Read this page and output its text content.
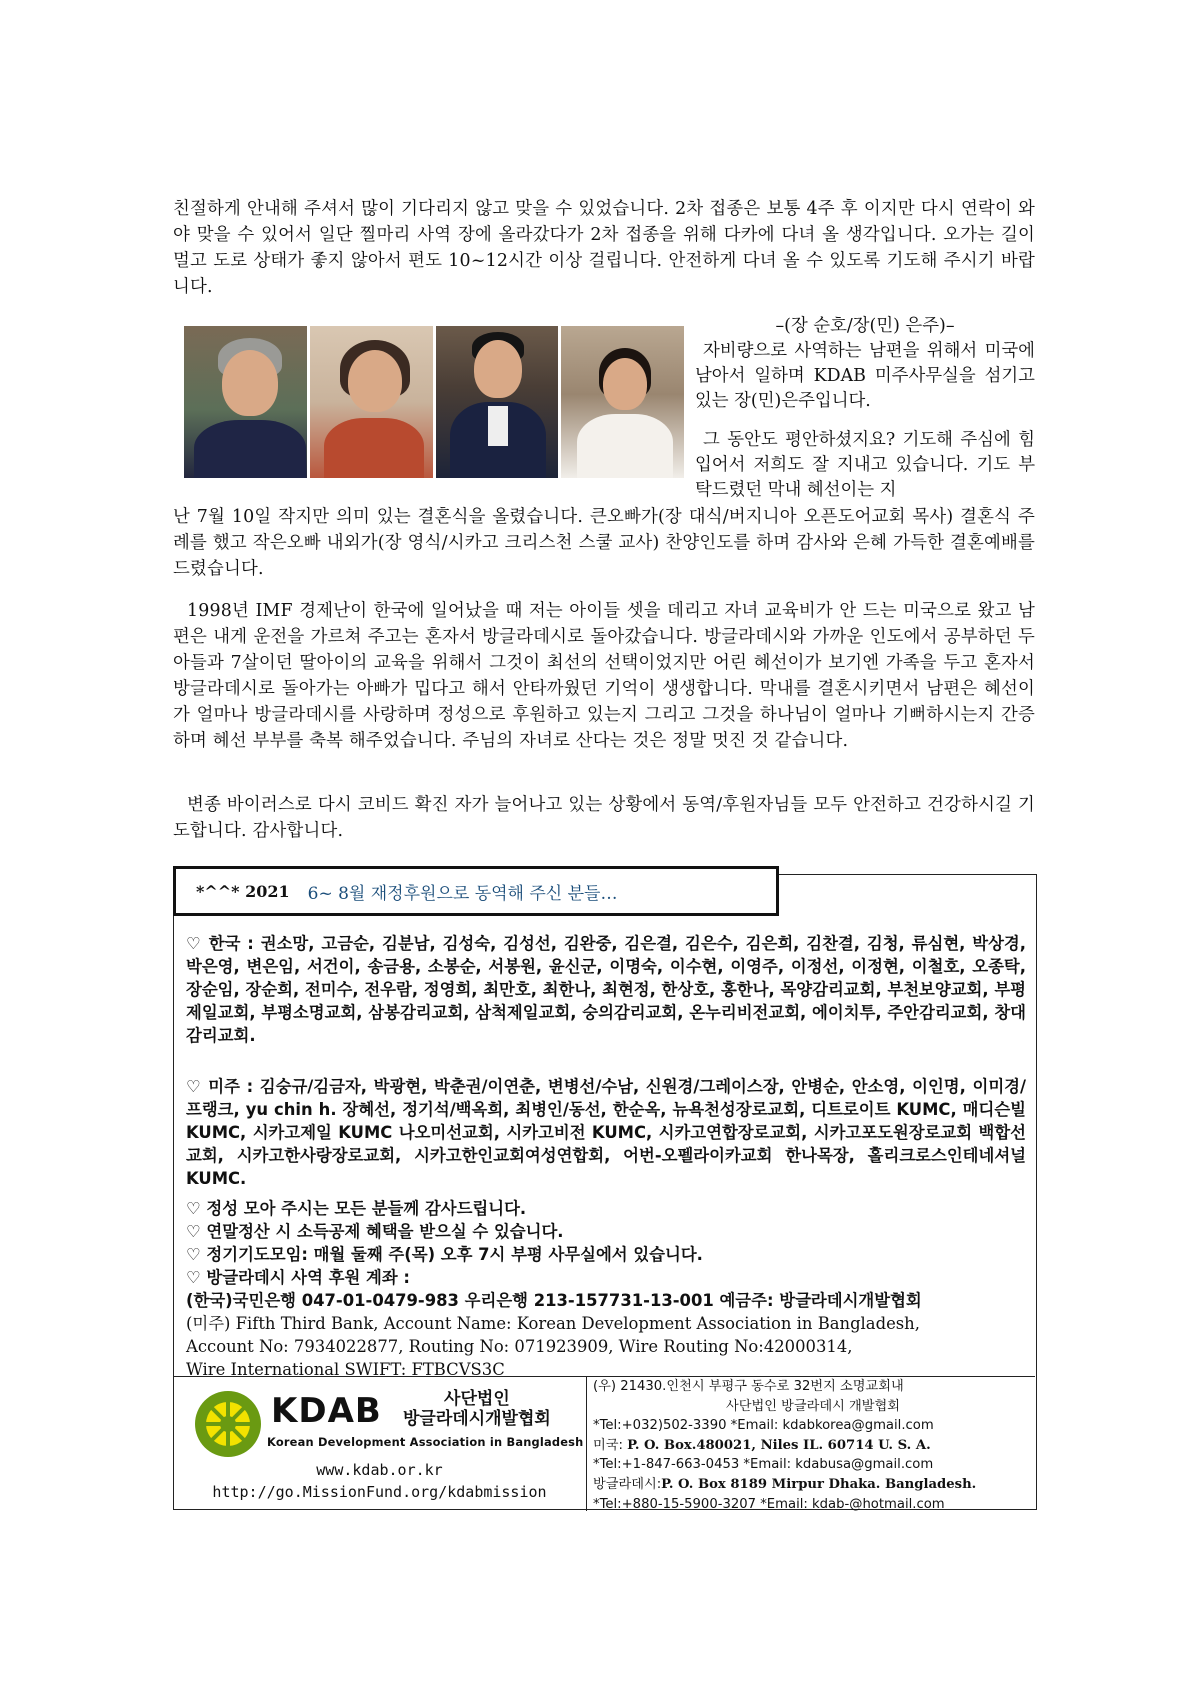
친절하게 안내해 주셔서 많이 기다리지 않고 맞을 수 있었습니다. 2차 접종은 보통 4주 후 이지만 다시 연락이 와야 맞을 수 있어서 일단 찔마리 사역 장에 올라갔다가 2차 접종을 위해 다카에 다녀 올 생각입니다. 오가는 길이 멀고 도로 상태가 좋지 않아서 편도 10~12시간 이상 걸립니다. 안전하게 다녀 올 수 있도록 기도해 주시기 바랍니다.

–(장 순호/장(민) 은주)–

자비량으로 사역하는 남편을 위해서 미국에 남아서 일하며 KDAB 미주사무실을 섬기고 있는 장(민)은주입니다.

그 동안도 평안하셨지요? 기도해 주심에 힘입어서 저희도 잘 지내고 있습니다. 기도 부탁드렸던 막내 혜선이는 지

난 7월 10일 작지만 의미 있는 결혼식을 올렸습니다. 큰오빠가(장 대식/버지니아 오픈도어교회 목사) 결혼식 주례를 했고 작은오빠 내외가(장 영식/시카고 크리스천 스쿨 교사) 찬양인도를 하며 감사와 은혜 가득한 결혼예배를 드렸습니다.

1998년 IMF 경제난이 한국에 일어났을 때 저는 아이들 셋을 데리고 자녀 교육비가 안 드는 미국으로 왔고 남편은 내게 운전을 가르쳐 주고는 혼자서 방글라데시로 돌아갔습니다. 방글라데시와 가까운 인도에서 공부하던 두 아들과 7살이던 딸아이의 교육을 위해서 그것이 최선의 선택이었지만 어린 혜선이가 보기엔 가족을 두고 혼자서 방글라데시로 돌아가는 아빠가 밉다고 해서 안타까웠던 기억이 생생합니다. 막내를 결혼시키면서 남편은 혜선이가 얼마나 방글라데시를 사랑하며 정성으로 후원하고 있는지 그리고 그것을 하나님이 얼마나 기뻐하시는지 간증하며 혜선 부부를 축복 해주었습니다. 주님의 자녀로 산다는 것은 정말 멋진 것 같습니다.

변종 바이러스로 다시 코비드 확진 자가 늘어나고 있는 상황에서 동역/후원자님들 모두 안전하고 건강하시길 기도합니다. 감사합니다.

*^^* 2021 6~ 8월 재정후원으로 동역해 주신 분들…

♡ 한국 : 권소망, 고금순, 김분남, 김성숙, 김성선, 김완중, 김은결, 김은수, 김은희, 김찬결, 김청, 류심현, 박상경, 박은영, 변은임, 서건이, 송금용, 소봉순, 서봉원, 윤신군, 이명숙, 이수현, 이영주, 이정선, 이정현, 이철호, 오종탁, 장순임, 장순희, 전미수, 전우람, 정영희, 최만호, 최한나, 최현정, 한상호, 홍한나, 목양감리교회, 부천보양교회, 부평제일교회, 부평소명교회, 삼봉감리교회, 삼척제일교회, 숭의감리교회, 온누리비전교회, 에이치투, 주안감리교회, 창대감리교회.

♡ 미주 : 김숭규/김금자, 박광현, 박춘권/이연춘, 변병선/수남, 신원경/그레이스장, 안병순, 안소영, 이인명, 이미경/프랭크, yu chin h. 장혜선, 정기석/백옥희, 최병인/동선, 한순옥, 뉴욕천성장로교회, 디트로이트 KUMC, 매디슨빌 KUMC, 시카고제일 KUMC 나오미선교회, 시카고비전 KUMC, 시카고연합장로교회, 시카고포도원장로교회 백합선교회, 시카고한사랑장로교회, 시카고한인교회여성연합회, 어번-오펠라이카교회 한나목장, 홀리크로스인테네셔널 KUMC.

♡ 정성 모아 주시는 모든 분들께 감사드립니다.
♡ 연말정산 시 소득공제 혜택을 받으실 수 있습니다.
♡ 정기기도모임: 매월 둘째 주(목) 오후 7시 부평 사무실에서 있습니다.
♡ 방글라데시 사역 후원 계좌 :
(한국)국민은행 047-01-0479-983 우리은행 213-157731-13-001 예금주: 방글라데시개발협회
(미주) Fifth Third Bank, Account Name: Korean Development Association in Bangladesh,
Account No: 7934022877, Routing No: 071923909, Wire Routing No:42000314,
Wire International SWIFT: FTBCVS3C
KDAB	사단법인
방글라데시개발협회
Korean Development Association in Bangladesh
www.kdab.or.kr
http://go.MissionFund.org/kdabmission
(우) 21430.인천시 부평구 동수로 32번지 소명교회내
사단법인 방글라데시 개발협회
*Tel:+032)502-3390 *Email: kdabkorea@gmail.com
미국: P. O. Box.480021, Niles IL. 60714 U. S. A.
*Tel:+1-847-663-0453 *Email: kdabusa@gmail.com
방글라데시:P. O. Box 8189 Mirpur Dhaka. Bangladesh.
*Tel:+880-15-5900-3207 *Email: kdab-@hotmail.com
